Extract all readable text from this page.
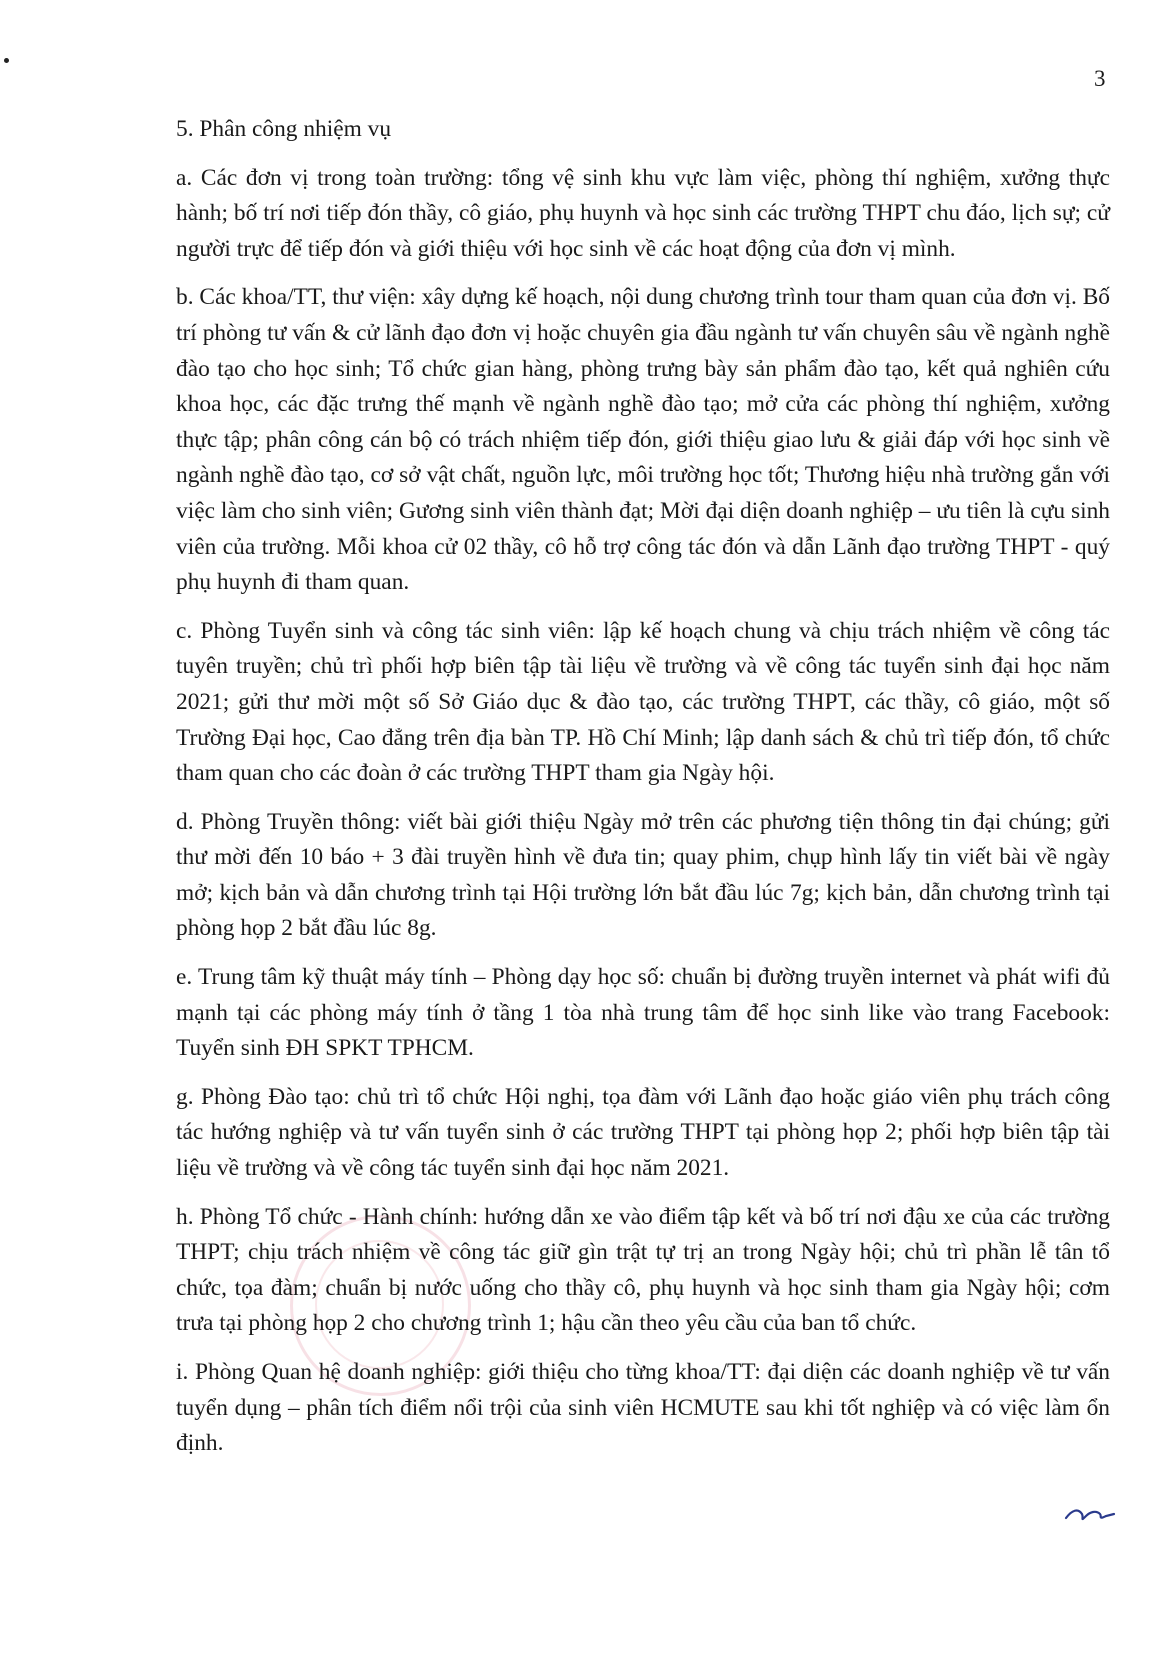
3

5. Phân công nhiệm vụ

a. Các đơn vị trong toàn trường: tổng vệ sinh khu vực làm việc, phòng thí nghiệm, xưởng thực hành; bố trí nơi tiếp đón thầy, cô giáo, phụ huynh và học sinh các trường THPT chu đáo, lịch sự; cử người trực để tiếp đón và giới thiệu với học sinh về các hoạt động của đơn vị mình.

b. Các khoa/TT, thư viện: xây dựng kế hoạch, nội dung chương trình tour tham quan của đơn vị. Bố trí phòng tư vấn & cử lãnh đạo đơn vị hoặc chuyên gia đầu ngành tư vấn chuyên sâu về ngành nghề đào tạo cho học sinh; Tổ chức gian hàng, phòng trưng bày sản phẩm đào tạo, kết quả nghiên cứu khoa học, các đặc trưng thế mạnh về ngành nghề đào tạo; mở cửa các phòng thí nghiệm, xưởng thực tập; phân công cán bộ có trách nhiệm tiếp đón, giới thiệu giao lưu & giải đáp với học sinh về ngành nghề đào tạo, cơ sở vật chất, nguồn lực, môi trường học tốt; Thương hiệu nhà trường gắn với việc làm cho sinh viên; Gương sinh viên thành đạt; Mời đại diện doanh nghiệp – ưu tiên là cựu sinh viên của trường. Mỗi khoa cử 02 thầy, cô hỗ trợ công tác đón và dẫn Lãnh đạo trường THPT - quý phụ huynh đi tham quan.

c. Phòng Tuyển sinh và công tác sinh viên: lập kế hoạch chung và chịu trách nhiệm về công tác tuyên truyền; chủ trì phối hợp biên tập tài liệu về trường và về công tác tuyển sinh đại học năm 2021; gửi thư mời một số Sở Giáo dục & đào tạo, các trường THPT, các thầy, cô giáo, một số Trường Đại học, Cao đẳng trên địa bàn TP. Hồ Chí Minh; lập danh sách & chủ trì tiếp đón, tổ chức tham quan cho các đoàn ở các trường THPT tham gia Ngày hội.

d. Phòng Truyền thông: viết bài giới thiệu Ngày mở trên các phương tiện thông tin đại chúng; gửi thư mời đến 10 báo + 3 đài truyền hình về đưa tin; quay phim, chụp hình lấy tin viết bài về ngày mở; kịch bản và dẫn chương trình tại Hội trường lớn bắt đầu lúc 7g; kịch bản, dẫn chương trình tại phòng họp 2 bắt đầu lúc 8g.

e. Trung tâm kỹ thuật máy tính – Phòng dạy học số: chuẩn bị đường truyền internet và phát wifi đủ mạnh tại các phòng máy tính ở tầng 1 tòa nhà trung tâm để học sinh like vào trang Facebook: Tuyển sinh ĐH SPKT TPHCM.

g. Phòng Đào tạo: chủ trì tổ chức Hội nghị, tọa đàm với Lãnh đạo hoặc giáo viên phụ trách công tác hướng nghiệp và tư vấn tuyển sinh ở các trường THPT tại phòng họp 2; phối hợp biên tập tài liệu về trường và về công tác tuyển sinh đại học năm 2021.

h. Phòng Tổ chức - Hành chính: hướng dẫn xe vào điểm tập kết và bố trí nơi đậu xe của các trường THPT; chịu trách nhiệm về công tác giữ gìn trật tự trị an trong Ngày hội; chủ trì phần lễ tân tổ chức, tọa đàm; chuẩn bị nước uống cho thầy cô, phụ huynh và học sinh tham gia Ngày hội; cơm trưa tại phòng họp 2 cho chương trình 1; hậu cần theo yêu cầu của ban tổ chức.

i. Phòng Quan hệ doanh nghiệp: giới thiệu cho từng khoa/TT: đại diện các doanh nghiệp về tư vấn tuyển dụng – phân tích điểm nổi trội của sinh viên HCMUTE sau khi tốt nghiệp và có việc làm ổn định.
